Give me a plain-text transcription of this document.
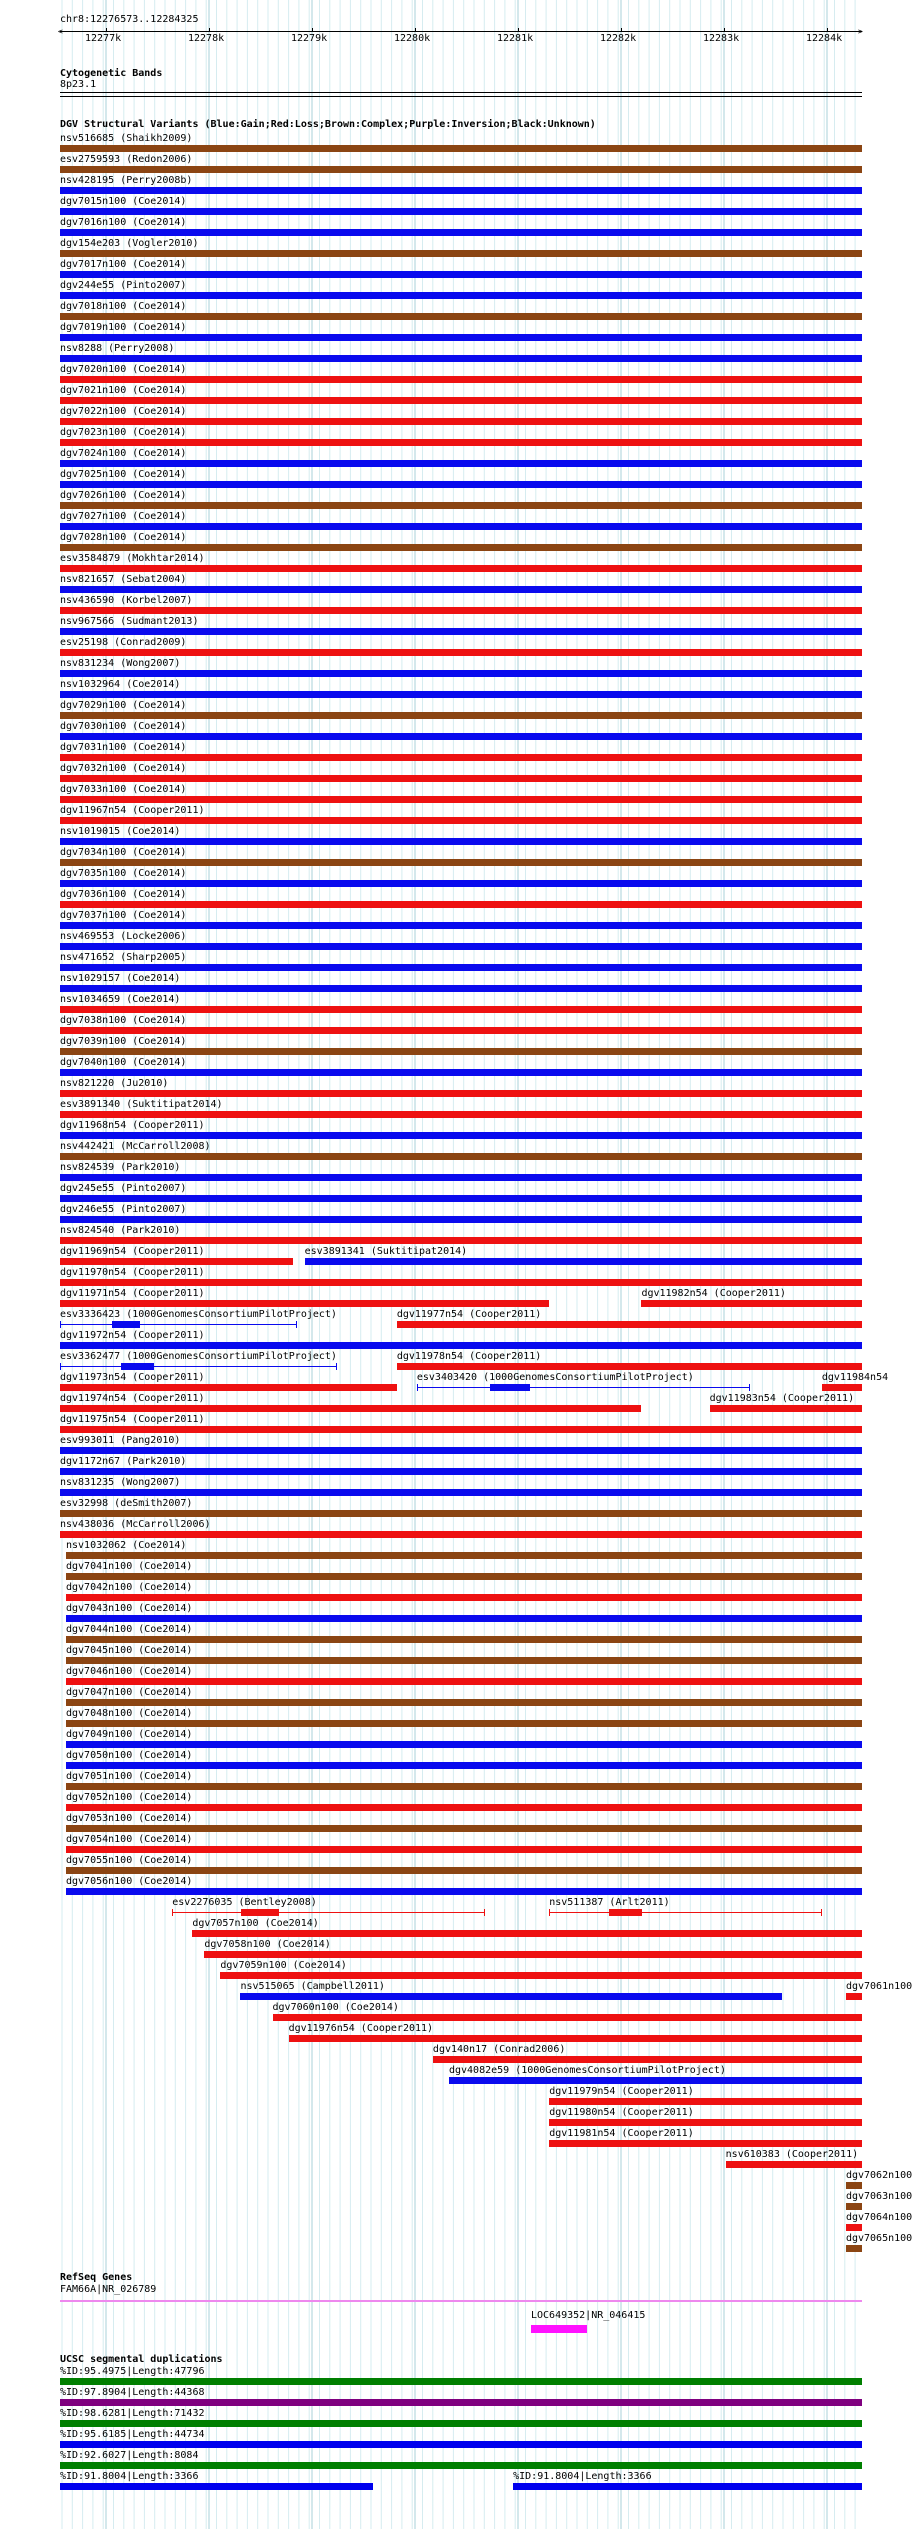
chr8:12276573..12284325
<	>
12277k	12278k	12279k	12280k	12281k	12282k	12283k	12284k
Cytogenetic Bands
8p23.1
DGV Structural Variants (Blue:Gain;Red:Loss;Brown:Complex;Purple:Inversion;Black:Unknown)
nsv516685 (Shaikh2009)
esv2759593 (Redon2006)
nsv428195 (Perry2008b)
dgv7015n100 (Coe2014)
dgv7016n100 (Coe2014)
dgv154e203 (Vogler2010)
dgv7017n100 (Coe2014)
dgv244e55 (Pinto2007)
dgv7018n100 (Coe2014)
dgv7019n100 (Coe2014)
nsv8288 (Perry2008)
dgv7020n100 (Coe2014)
dgv7021n100 (Coe2014)
dgv7022n100 (Coe2014)
dgv7023n100 (Coe2014)
dgv7024n100 (Coe2014)
dgv7025n100 (Coe2014)
dgv7026n100 (Coe2014)
dgv7027n100 (Coe2014)
dgv7028n100 (Coe2014)
esv3584879 (Mokhtar2014)
nsv821657 (Sebat2004)
nsv436590 (Korbel2007)
nsv967566 (Sudmant2013)
esv25198 (Conrad2009)
nsv831234 (Wong2007)
nsv1032964 (Coe2014)
dgv7029n100 (Coe2014)
dgv7030n100 (Coe2014)
dgv7031n100 (Coe2014)
dgv7032n100 (Coe2014)
dgv7033n100 (Coe2014)
dgv11967n54 (Cooper2011)
nsv1019015 (Coe2014)
dgv7034n100 (Coe2014)
dgv7035n100 (Coe2014)
dgv7036n100 (Coe2014)
dgv7037n100 (Coe2014)
nsv469553 (Locke2006)
nsv471652 (Sharp2005)
nsv1029157 (Coe2014)
nsv1034659 (Coe2014)
dgv7038n100 (Coe2014)
dgv7039n100 (Coe2014)
dgv7040n100 (Coe2014)
nsv821220 (Ju2010)
esv3891340 (Suktitipat2014)
dgv11968n54 (Cooper2011)
nsv442421 (McCarroll2008)
nsv824539 (Park2010)
dgv245e55 (Pinto2007)
dgv246e55 (Pinto2007)
nsv824540 (Park2010)
dgv11969n54 (Cooper2011)	esv3891341 (Suktitipat2014)
dgv11970n54 (Cooper2011)
dgv11971n54 (Cooper2011)	dgv11982n54 (Cooper2011)
esv3336423 (1000GenomesConsortiumPilotProject)	dgv11977n54 (Cooper2011)
dgv11972n54 (Cooper2011)
esv3362477 (1000GenomesConsortiumPilotProject)	dgv11978n54 (Cooper2011)
dgv11973n54 (Cooper2011)	esv3403420 (1000GenomesConsortiumPilotProject)	dgv11984n54
dgv11974n54 (Cooper2011)	dgv11983n54 (Cooper2011)
dgv11975n54 (Cooper2011)
esv993011 (Pang2010)
dgv1172n67 (Park2010)
nsv831235 (Wong2007)
esv32998 (deSmith2007)
nsv438036 (McCarroll2006)
nsv1032062 (Coe2014)
dgv7041n100 (Coe2014)
dgv7042n100 (Coe2014)
dgv7043n100 (Coe2014)
dgv7044n100 (Coe2014)
dgv7045n100 (Coe2014)
dgv7046n100 (Coe2014)
dgv7047n100 (Coe2014)
dgv7048n100 (Coe2014)
dgv7049n100 (Coe2014)
dgv7050n100 (Coe2014)
dgv7051n100 (Coe2014)
dgv7052n100 (Coe2014)
dgv7053n100 (Coe2014)
dgv7054n100 (Coe2014)
dgv7055n100 (Coe2014)
dgv7056n100 (Coe2014)
esv2276035 (Bentley2008)	nsv511387 (Arlt2011)
dgv7057n100 (Coe2014)
dgv7058n100 (Coe2014)
dgv7059n100 (Coe2014)
nsv515065 (Campbell2011)	dgv7061n100
dgv7060n100 (Coe2014)
dgv11976n54 (Cooper2011)
dgv140n17 (Conrad2006)
dgv4082e59 (1000GenomesConsortiumPilotProject)
dgv11979n54 (Cooper2011)
dgv11980n54 (Cooper2011)
dgv11981n54 (Cooper2011)
nsv610383 (Cooper2011)
dgv7062n100
dgv7063n100
dgv7064n100
dgv7065n100
RefSeq Genes
FAM66A|NR_026789
LOC649352|NR_046415
UCSC segmental duplications
%ID:95.4975|Length:47796
%ID:97.8904|Length:44368
%ID:98.6281|Length:71432
%ID:95.6185|Length:44734
%ID:92.6027|Length:8084
%ID:91.8004|Length:3366	%ID:91.8004|Length:3366
